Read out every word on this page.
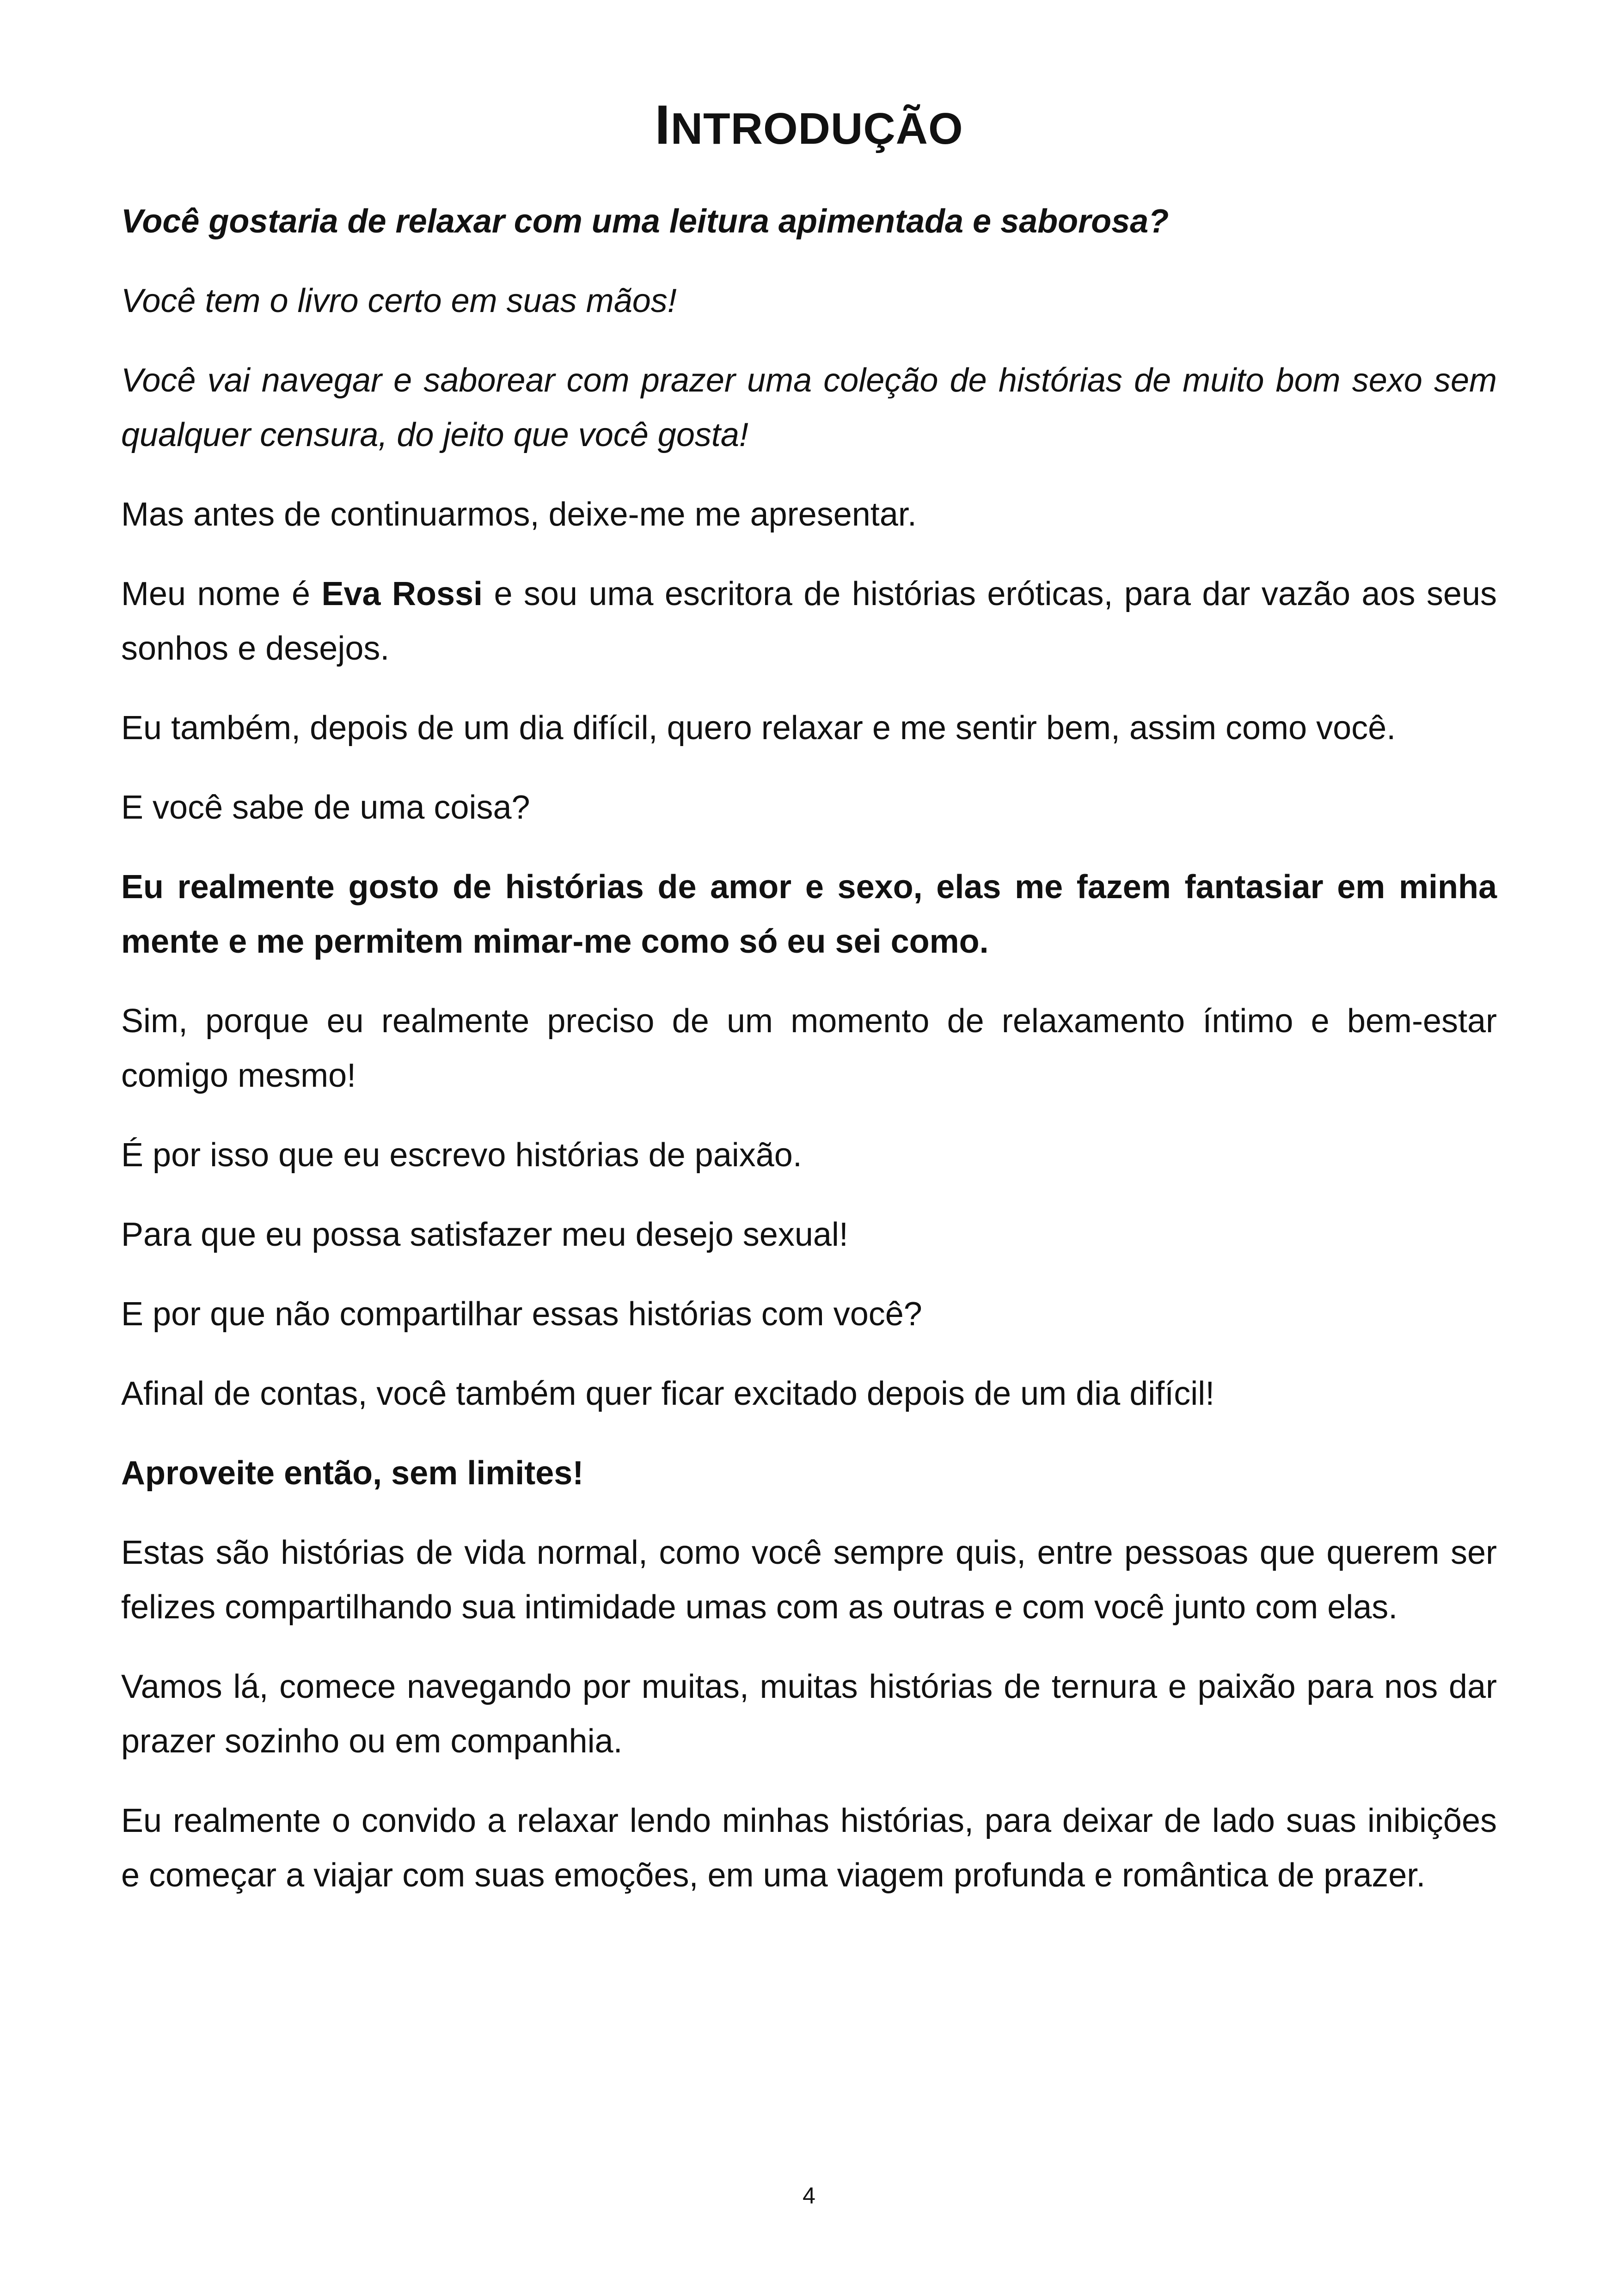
INTRODUÇÃO

Você gostaria de relaxar com uma leitura apimentada e saborosa?

Você tem o livro certo em suas mãos!

Você vai navegar e saborear com prazer uma coleção de histórias de muito bom sexo sem qualquer censura, do jeito que você gosta!

Mas antes de continuarmos, deixe-me me apresentar.

Meu nome é Eva Rossi e sou uma escritora de histórias eróticas, para dar vazão aos seus sonhos e desejos.

Eu também, depois de um dia difícil, quero relaxar e me sentir bem, assim como você.

E você sabe de uma coisa?

Eu realmente gosto de histórias de amor e sexo, elas me fazem fantasiar em minha mente e me permitem mimar-me como só eu sei como.

Sim, porque eu realmente preciso de um momento de relaxamento íntimo e bem-estar comigo mesmo!

É por isso que eu escrevo histórias de paixão.

Para que eu possa satisfazer meu desejo sexual!

E por que não compartilhar essas histórias com você?

Afinal de contas, você também quer ficar excitado depois de um dia difícil!

Aproveite então, sem limites!

Estas são histórias de vida normal, como você sempre quis, entre pessoas que querem ser felizes compartilhando sua intimidade umas com as outras e com você junto com elas.

Vamos lá, comece navegando por muitas, muitas histórias de ternura e paixão para nos dar prazer sozinho ou em companhia.

Eu realmente o convido a relaxar lendo minhas histórias, para deixar de lado suas inibições e começar a viajar com suas emoções, em uma viagem profunda e romântica de prazer.

4
